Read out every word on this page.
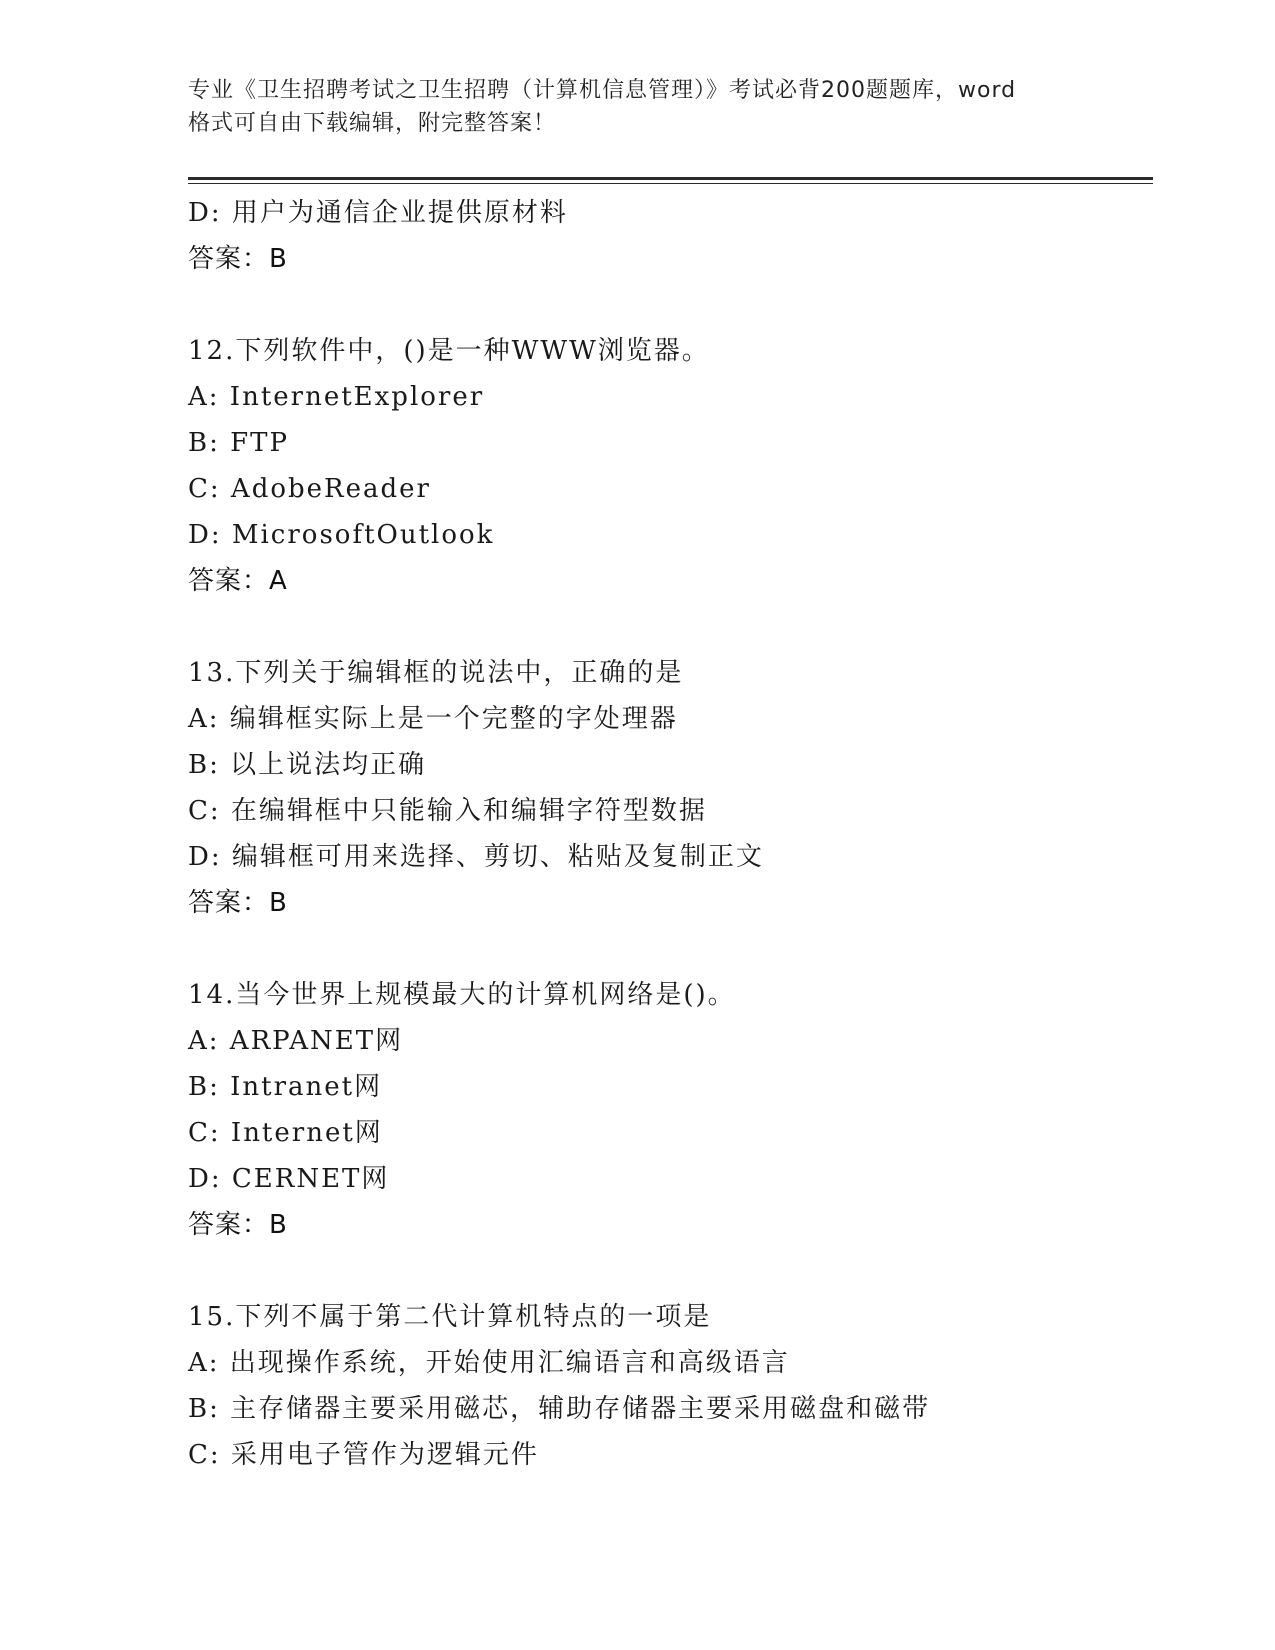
专业《卫生招聘考试之卫生招聘（计算机信息管理）》考试必背200题题库，word
格式可自由下载编辑，附完整答案！
D: 用户为通信企业提供原材料
答案：B
12.下列软件中，()是一种WWW浏览器。
A: InternetExplorer
B: FTP
C: AdobeReader
D: MicrosoftOutlook
答案：A
13.下列关于编辑框的说法中，正确的是
A: 编辑框实际上是一个完整的字处理器
B: 以上说法均正确
C: 在编辑框中只能输入和编辑字符型数据
D: 编辑框可用来选择、剪切、粘贴及复制正文
答案：B
14.当今世界上规模最大的计算机网络是()。
A: ARPANET网
B: Intranet网
C: Internet网
D: CERNET网
答案：B
15.下列不属于第二代计算机特点的一项是
A: 出现操作系统，开始使用汇编语言和高级语言
B: 主存储器主要采用磁芯，辅助存储器主要采用磁盘和磁带
C: 采用电子管作为逻辑元件
